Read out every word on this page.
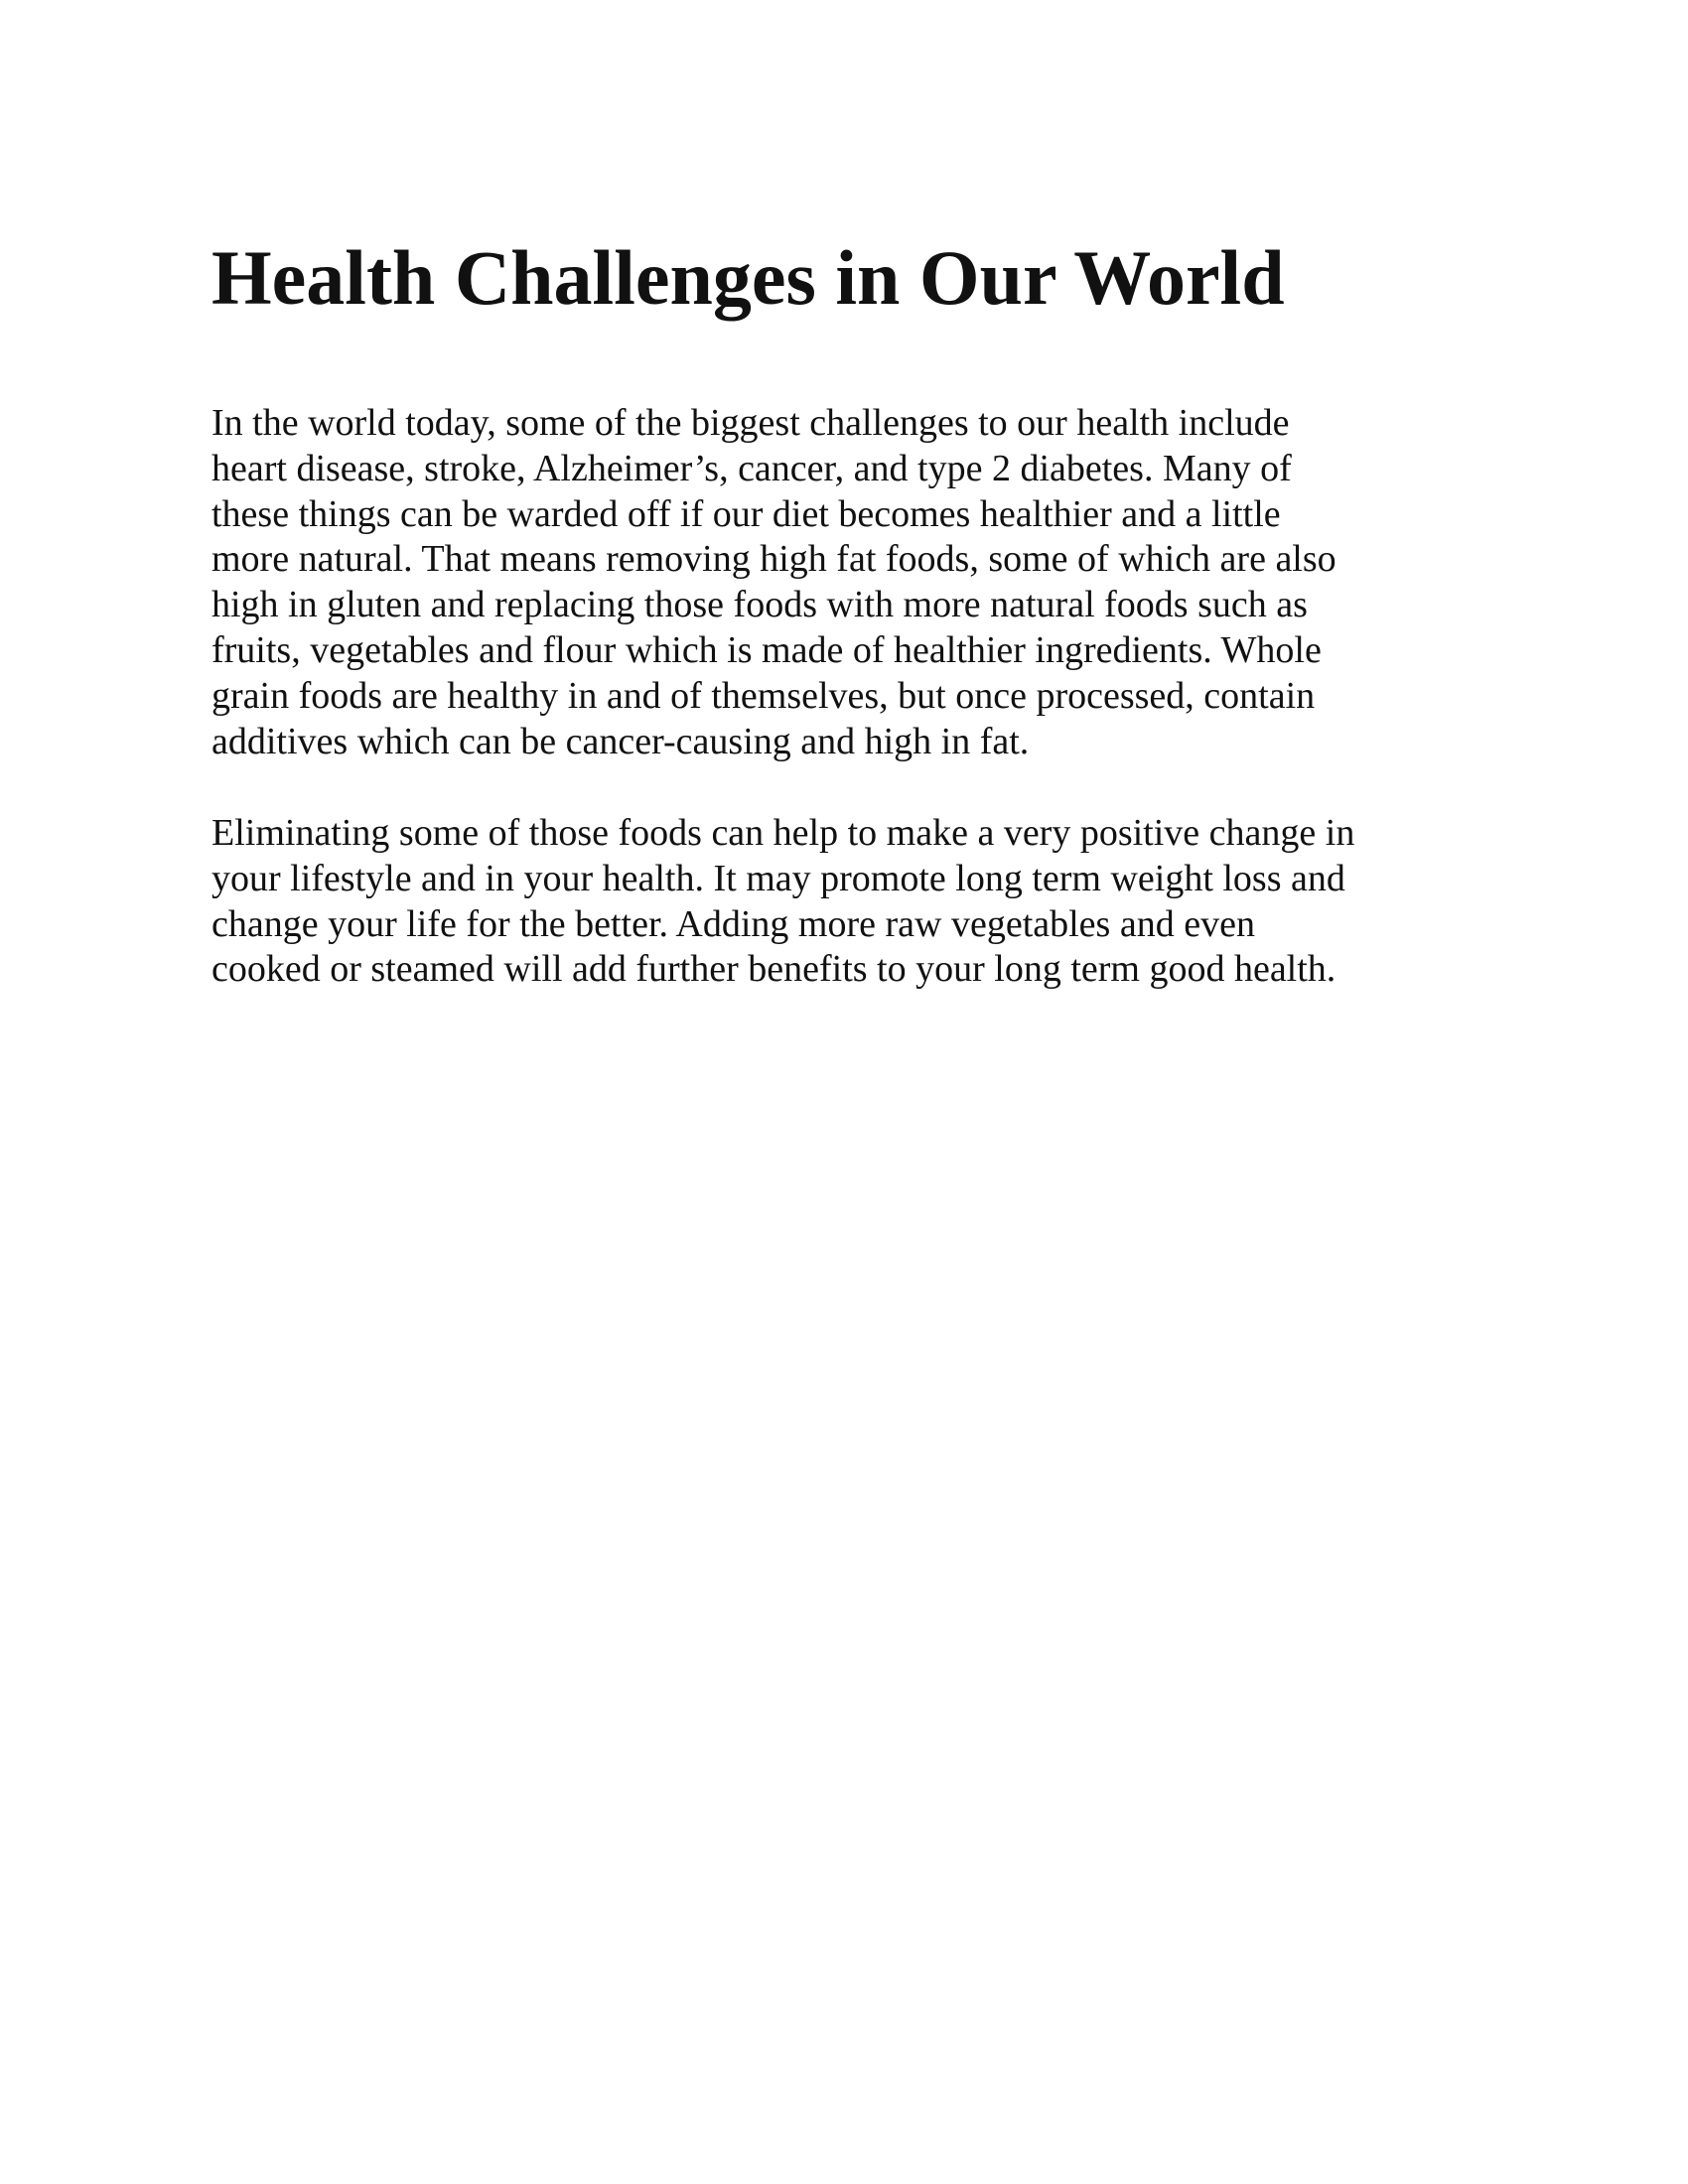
Health Challenges in Our World

In the world today, some of the biggest challenges to our health include
heart disease, stroke, Alzheimer’s, cancer, and type 2 diabetes. Many of
these things can be warded off if our diet becomes healthier and a little
more natural. That means removing high fat foods, some of which are also
high in gluten and replacing those foods with more natural foods such as
fruits, vegetables and flour which is made of healthier ingredients. Whole
grain foods are healthy in and of themselves, but once processed, contain
additives which can be cancer-causing and high in fat.

Eliminating some of those foods can help to make a very positive change in
your lifestyle and in your health. It may promote long term weight loss and
change your life for the better. Adding more raw vegetables and even
cooked or steamed will add further benefits to your long term good health.
